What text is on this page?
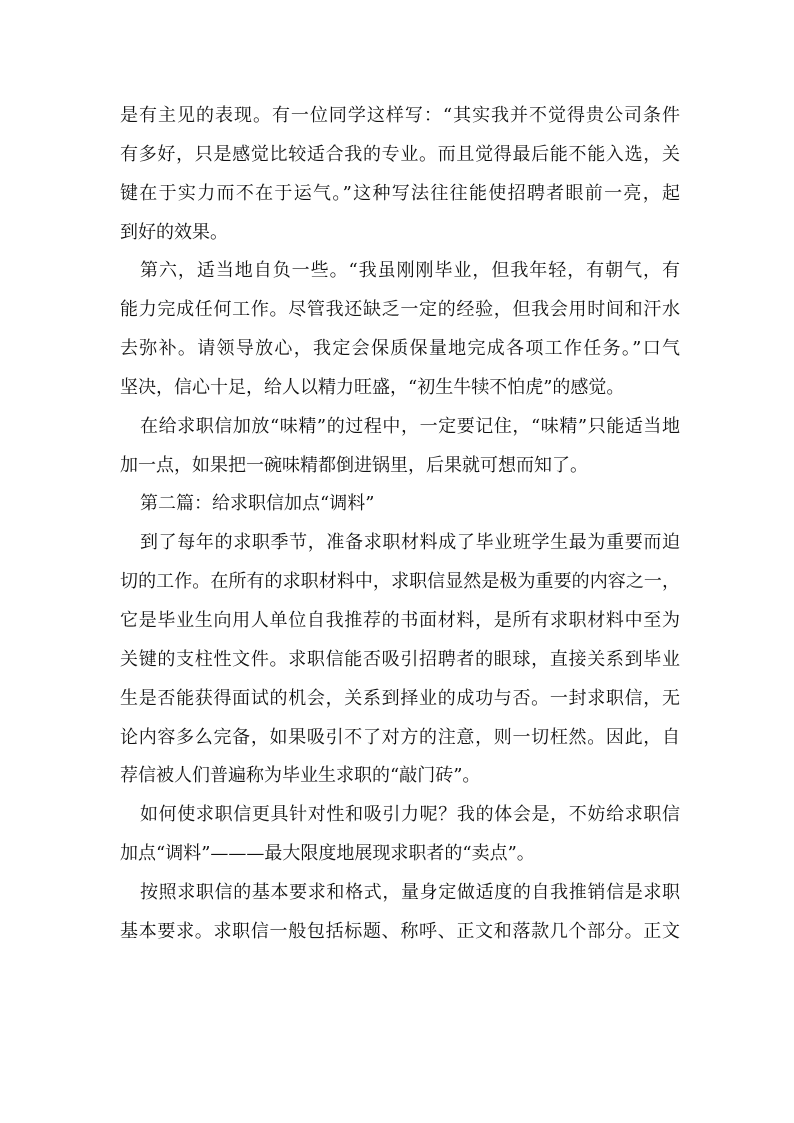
是有主见的表现。有一位同学这样写：“其实我并不觉得贵公司条件
有多好，只是感觉比较适合我的专业。而且觉得最后能不能入选，关
键在于实力而不在于运气。”这种写法往往能使招聘者眼前一亮，起
到好的效果。
第六，适当地自负一些。“我虽刚刚毕业，但我年轻，有朝气，有
能力完成任何工作。尽管我还缺乏一定的经验，但我会用时间和汗水
去弥补。请领导放心，我定会保质保量地完成各项工作任务。”口气
坚决，信心十足，给人以精力旺盛，“初生牛犊不怕虎”的感觉。
在给求职信加放“味精”的过程中，一定要记住，“味精”只能适当地
加一点，如果把一碗味精都倒进锅里，后果就可想而知了。
第二篇：给求职信加点“调料”
到了每年的求职季节，准备求职材料成了毕业班学生最为重要而迫
切的工作。在所有的求职材料中，求职信显然是极为重要的内容之一，
它是毕业生向用人单位自我推荐的书面材料，是所有求职材料中至为
关键的支柱性文件。求职信能否吸引招聘者的眼球，直接关系到毕业
生是否能获得面试的机会，关系到择业的成功与否。一封求职信，无
论内容多么完备，如果吸引不了对方的注意，则一切枉然。因此，自
荐信被人们普遍称为毕业生求职的“敲门砖”。
如何使求职信更具针对性和吸引力呢？我的体会是，不妨给求职信
加点“调料”———最大限度地展现求职者的“卖点”。
按照求职信的基本要求和格式，量身定做适度的自我推销信是求职
基本要求。求职信一般包括标题、称呼、正文和落款几个部分。正文
